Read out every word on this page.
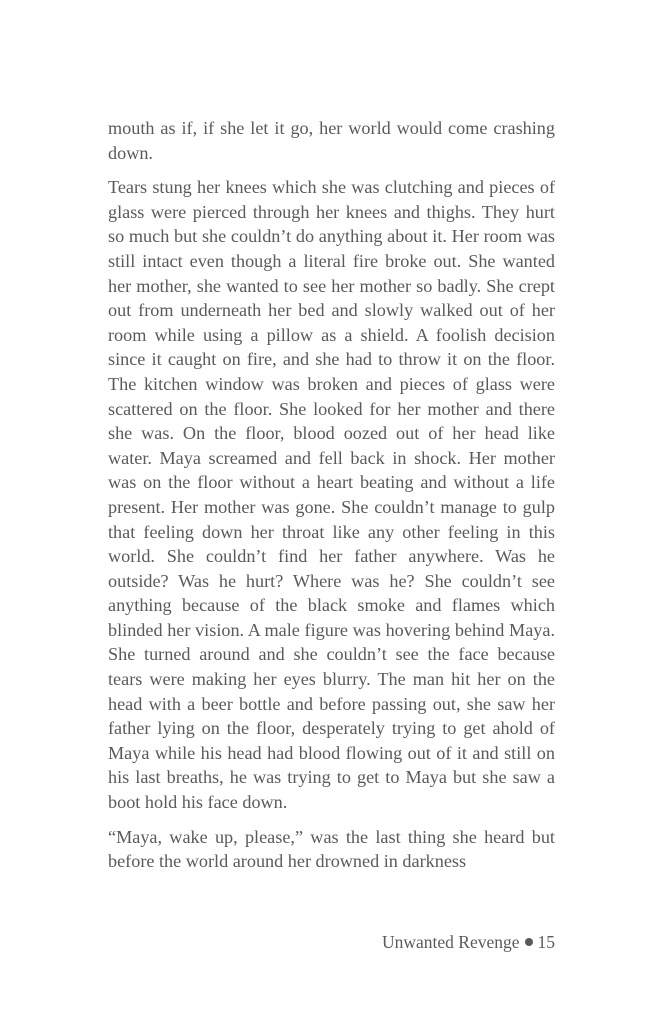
mouth as if, if she let it go, her world would come crashing down.

Tears stung her knees which she was clutching and pieces of glass were pierced through her knees and thighs. They hurt so much but she couldn’t do anything about it. Her room was still intact even though a literal fire broke out. She wanted her mother, she wanted to see her mother so badly. She crept out from underneath her bed and slowly walked out of her room while using a pillow as a shield. A foolish decision since it caught on fire, and she had to throw it on the floor. The kitchen window was broken and pieces of glass were scattered on the floor. She looked for her mother and there she was. On the floor, blood oozed out of her head like water. Maya screamed and fell back in shock. Her mother was on the floor without a heart beating and without a life present. Her mother was gone. She couldn’t manage to gulp that feeling down her throat like any other feeling in this world. She couldn’t find her father anywhere. Was he outside? Was he hurt? Where was he? She couldn’t see anything because of the black smoke and flames which blinded her vision. A male figure was hovering behind Maya. She turned around and she couldn’t see the face because tears were making her eyes blurry. The man hit her on the head with a beer bottle and before passing out, she saw her father lying on the floor, desperately trying to get ahold of Maya while his head had blood flowing out of it and still on his last breaths, he was trying to get to Maya but she saw a boot hold his face down.

“Maya, wake up, please,” was the last thing she heard but before the world around her drowned in darkness

Unwanted Revenge 15
